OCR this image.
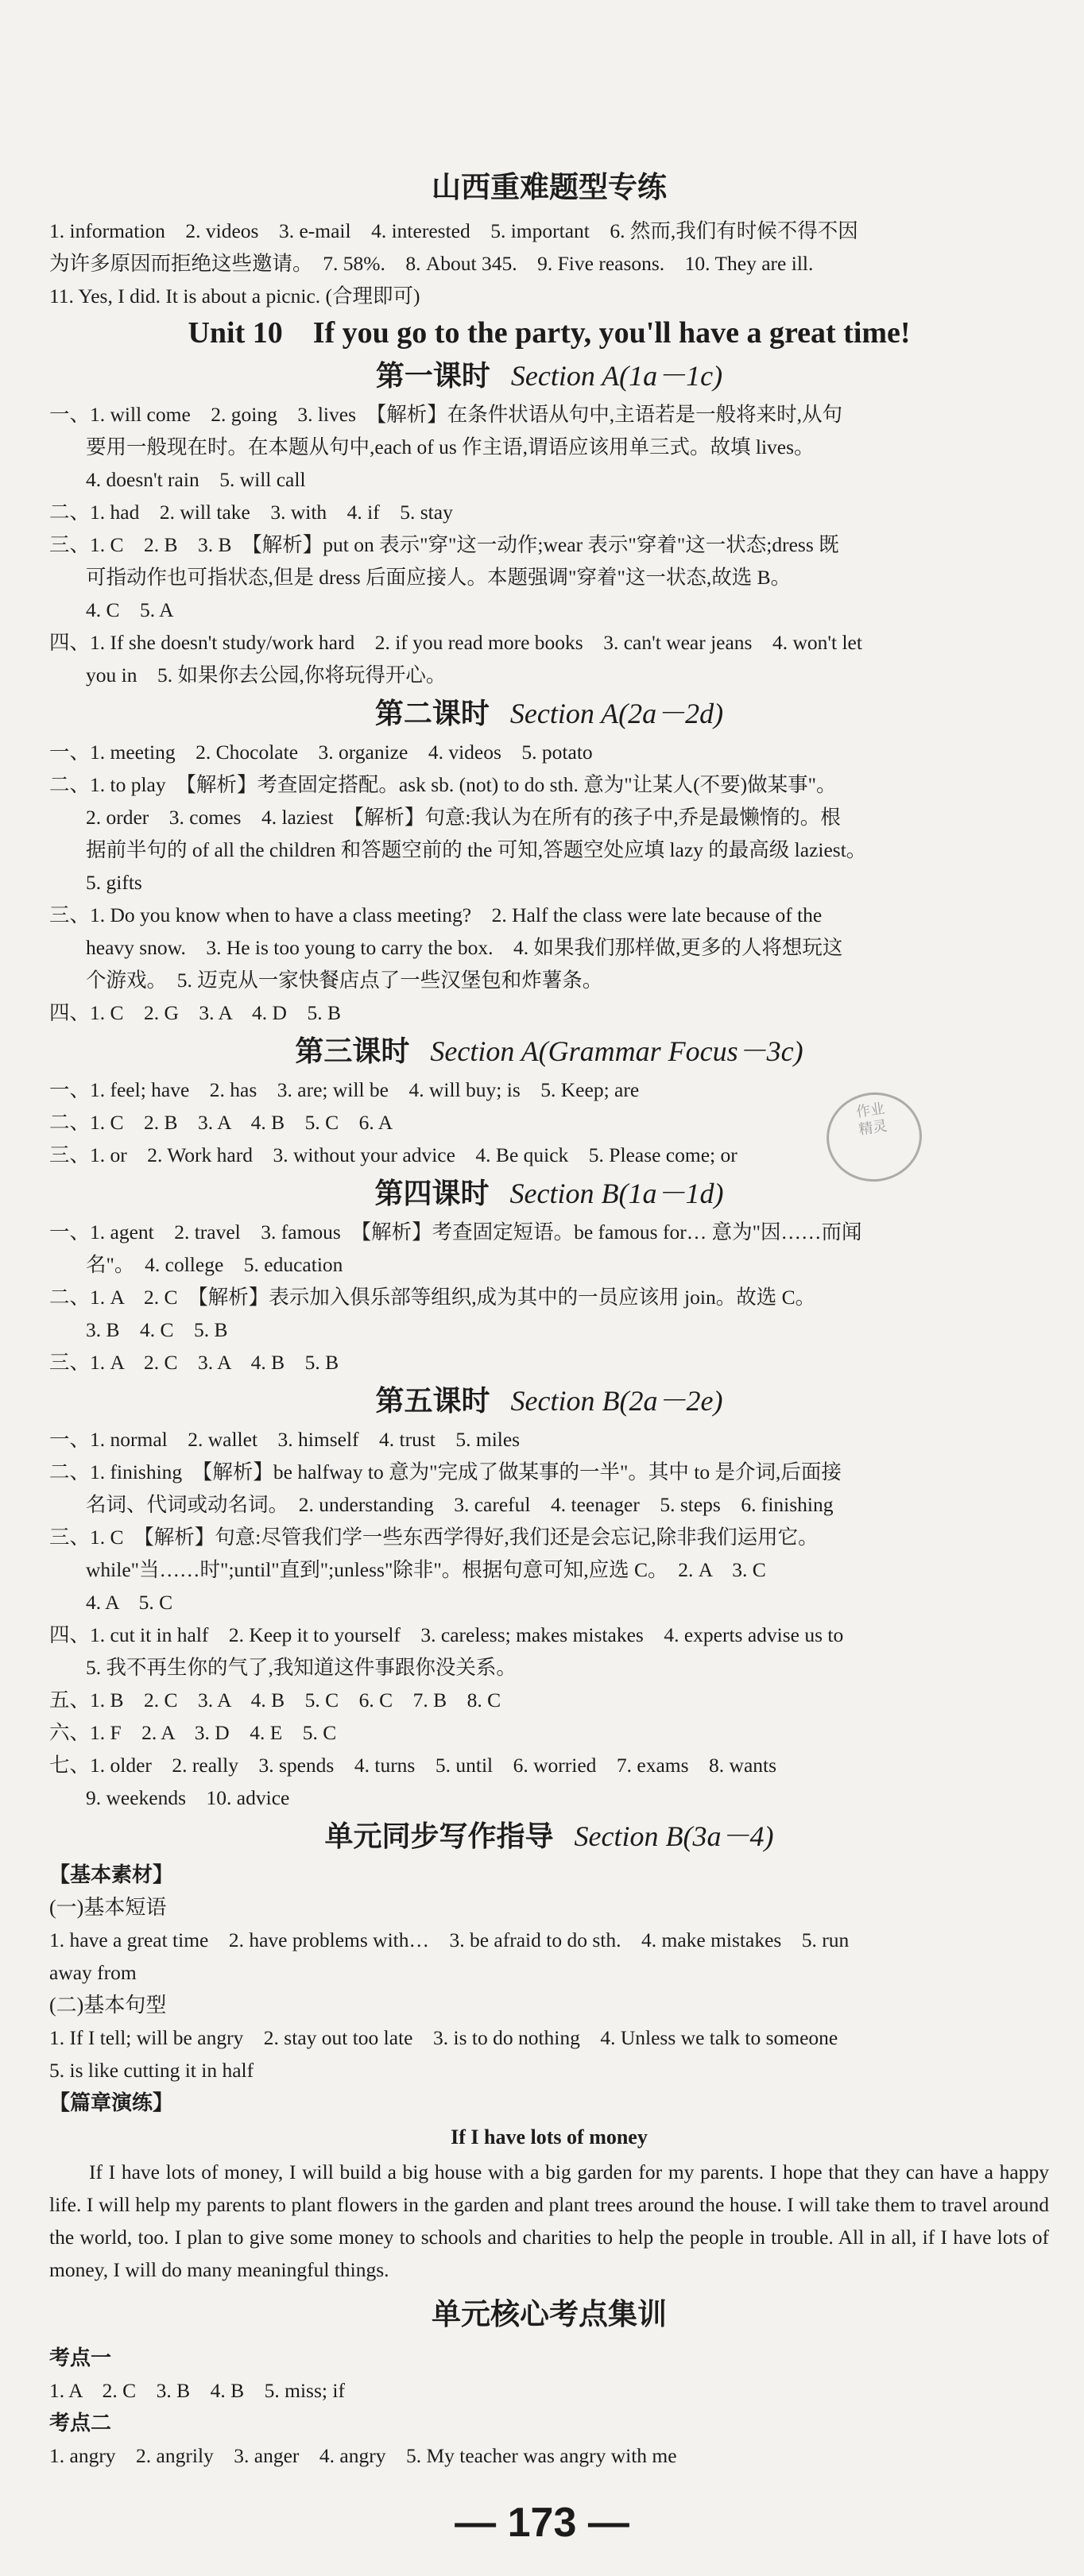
山西重难题型专练
1. information　2. videos　3. e-mail　4. interested　5. important　6. 然而,我们有时候不得不因
为许多原因而拒绝这些邀请。　7. 58%.　8. About 345.　9. Five reasons.　10. They are ill.
11. Yes, I did. It is about a picnic. (合理即可)
Unit 10　If you go to the party, you'll have a great time!
第一课时 Section A(1a－1c)
一、1. will come　2. going　3. lives　【解析】在条件状语从句中,主语若是一般将来时,从句
要用一般现在时。在本题从句中,each of us 作主语,谓语应该用单三式。故填 lives。
4. doesn't rain　5. will call
二、1. had　2. will take　3. with　4. if　5. stay
三、1. C　2. B　3. B　【解析】put on 表示"穿"这一动作;wear 表示"穿着"这一状态;dress 既
可指动作也可指状态,但是 dress 后面应接人。本题强调"穿着"这一状态,故选 B。
4. C　5. A
四、1. If she doesn't study/work hard　2. if you read more books　3. can't wear jeans　4. won't let
you in　5. 如果你去公园,你将玩得开心。
第二课时 Section A(2a－2d)
一、1. meeting　2. Chocolate　3. organize　4. videos　5. potato
二、1. to play　【解析】考查固定搭配。ask sb. (not) to do sth. 意为"让某人(不要)做某事"。
2. order　3. comes　4. laziest　【解析】句意:我认为在所有的孩子中,乔是最懒惰的。根
据前半句的 of all the children 和答题空前的 the 可知,答题空处应填 lazy 的最高级 laziest。
5. gifts
三、1. Do you know when to have a class meeting?　2. Half the class were late because of the
heavy snow.　3. He is too young to carry the box.　4. 如果我们那样做,更多的人将想玩这
个游戏。　5. 迈克从一家快餐店点了一些汉堡包和炸薯条。
四、1. C　2. G　3. A　4. D　5. B
第三课时 Section A(Grammar Focus－3c)
一、1. feel; have　2. has　3. are; will be　4. will buy; is　5. Keep; are
二、1. C　2. B　3. A　4. B　5. C　6. A
三、1. or　2. Work hard　3. without your advice　4. Be quick　5. Please come; or
第四课时 Section B(1a－1d)
一、1. agent　2. travel　3. famous　【解析】考查固定短语。be famous for… 意为"因……而闻
名"。　4. college　5. education
二、1. A　2. C　【解析】表示加入俱乐部等组织,成为其中的一员应该用 join。故选 C。
3. B　4. C　5. B
三、1. A　2. C　3. A　4. B　5. B
第五课时 Section B(2a－2e)
一、1. normal　2. wallet　3. himself　4. trust　5. miles
二、1. finishing　【解析】be halfway to 意为"完成了做某事的一半"。其中 to 是介词,后面接
名词、代词或动名词。　2. understanding　3. careful　4. teenager　5. steps　6. finishing
三、1. C　【解析】句意:尽管我们学一些东西学得好,我们还是会忘记,除非我们运用它。
while"当……时";until"直到";unless"除非"。根据句意可知,应选 C。　2. A　3. C
4. A　5. C
四、1. cut it in half　2. Keep it to yourself　3. careless; makes mistakes　4. experts advise us to
5. 我不再生你的气了,我知道这件事跟你没关系。
五、1. B　2. C　3. A　4. B　5. C　6. C　7. B　8. C
六、1. F　2. A　3. D　4. E　5. C
七、1. older　2. really　3. spends　4. turns　5. until　6. worried　7. exams　8. wants
9. weekends　10. advice
单元同步写作指导 Section B(3a－4)
【基本素材】
(一)基本短语
1. have a great time　2. have problems with…　3. be afraid to do sth.　4. make mistakes　5. run
away from
(二)基本句型
1. If I tell; will be angry　2. stay out too late　3. is to do nothing　4. Unless we talk to someone
5. is like cutting it in half
【篇章演练】
If I have lots of money
If I have lots of money, I will build a big house with a big garden for my parents. I hope that they can have a happy life. I will help my parents to plant flowers in the garden and plant trees around the house. I will take them to travel around the world, too. I plan to give some money to schools and charities to help the people in trouble. All in all, if I have lots of money, I will do many meaningful things.
单元核心考点集训
考点一
1. A　2. C　3. B　4. B　5. miss; if
考点二
1. angry　2. angrily　3. anger　4. angry　5. My teacher was angry with me
作业
精灵
— 173 —
